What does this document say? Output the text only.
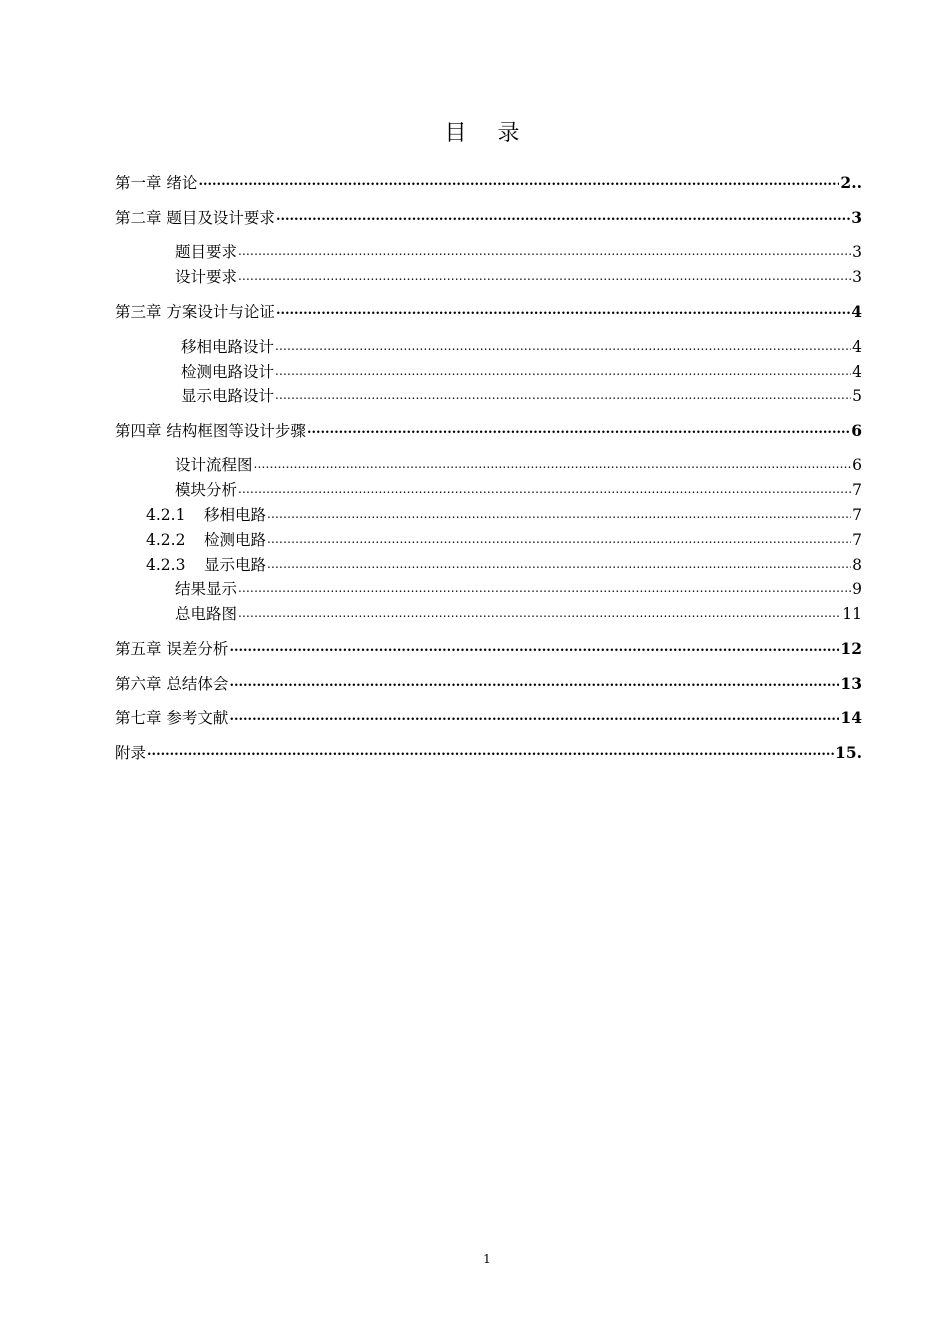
目 录
第一章 绪论 .....	2..
第二章 题目及设计要求 .....	3
题目要求 .....	3
设计要求 .....	3
第三章 方案设计与论证 .....	4
移相电路设计 .....	4
检测电路设计 .....	4
显示电路设计 .....	5
第四章 结构框图等设计步骤 .....	6
设计流程图 .....	6
模块分析 .....	7
4.2.1 移相电路 .....	7
4.2.2 检测电路 .....	7
4.2.3 显示电路 .....	8
结果显示 .....	9
总电路图 .....	11
第五章 误差分析 .....	12
第六章 总结体会 .....	13
第七章 参考文献 .....	14
附录 .....	15.
1
